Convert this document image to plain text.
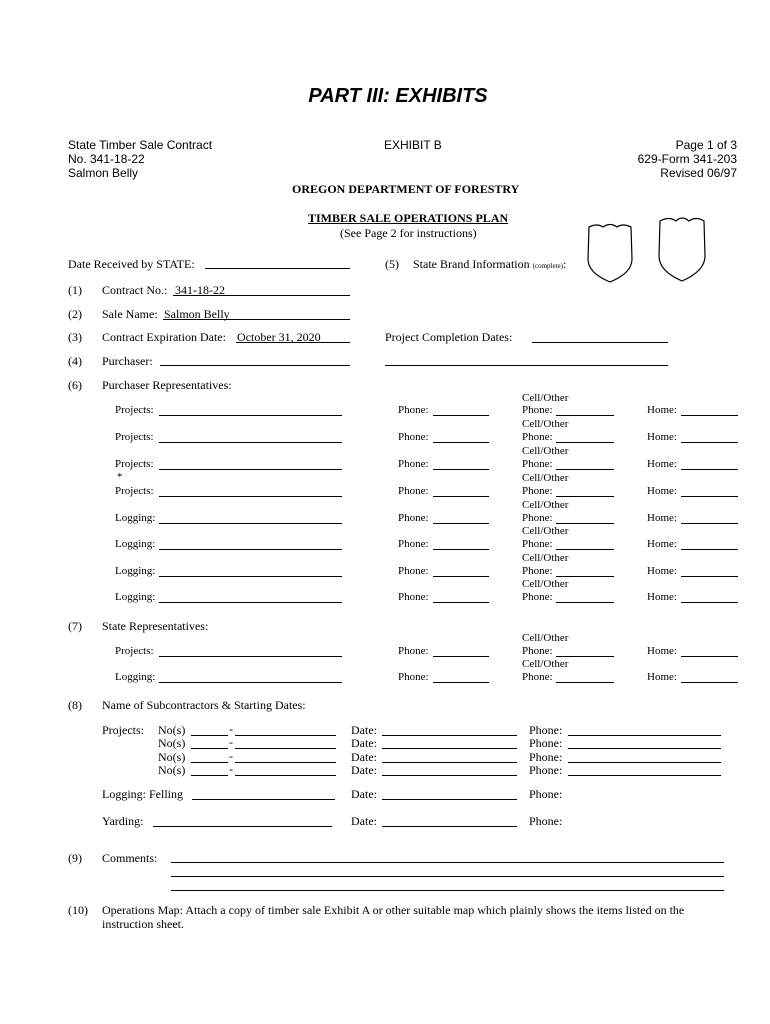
PART III: EXHIBITS
State Timber Sale Contract
No. 341-18-22
Salmon Belly
EXHIBIT B	Page 1 of 3
629-Form 341-203
Revised 06/97
OREGON DEPARTMENT OF FORESTRY
TIMBER SALE OPERATIONS PLAN
(See Page 2 for instructions)
Date Received by STATE:	(5) State Brand Information (complete):
(1) Contract No.: 341-18-22
(2) Sale Name: Salmon Belly
(3) Contract Expiration Date: October 31, 2020	Project Completion Dates:
(4) Purchaser:
(6) Purchaser Representatives:
Cell/Other
Projects:	Phone:	Phone:	Home:
Cell/Other
Projects:	Phone:	Phone:	Home:
Cell/Other
Projects:	Phone:	Phone:	Home:
*	Cell/Other
Projects:	Phone:	Phone:	Home:
Cell/Other
Logging:	Phone:	Phone:	Home:
Cell/Other
Logging:	Phone:	Phone:	Home:
Cell/Other
Logging:	Phone:	Phone:	Home:
Cell/Other
Logging:	Phone:	Phone:	Home:
(7) State Representatives:
Cell/Other
Projects:	Phone:	Phone:	Home:
Cell/Other
Logging:	Phone:	Phone:	Home:
(8) Name of Subcontractors & Starting Dates:
Projects: No(s)	-	Date:	Phone:
No(s)	-	Date:	Phone:
No(s)	-	Date:	Phone:
No(s)	-	Date:	Phone:
Logging: Felling	Date:	Phone:
Yarding:	Date:	Phone:
(9) Comments:
(10) Operations Map: Attach a copy of timber sale Exhibit A or other suitable map which plainly shows the items listed on the
instruction sheet.
